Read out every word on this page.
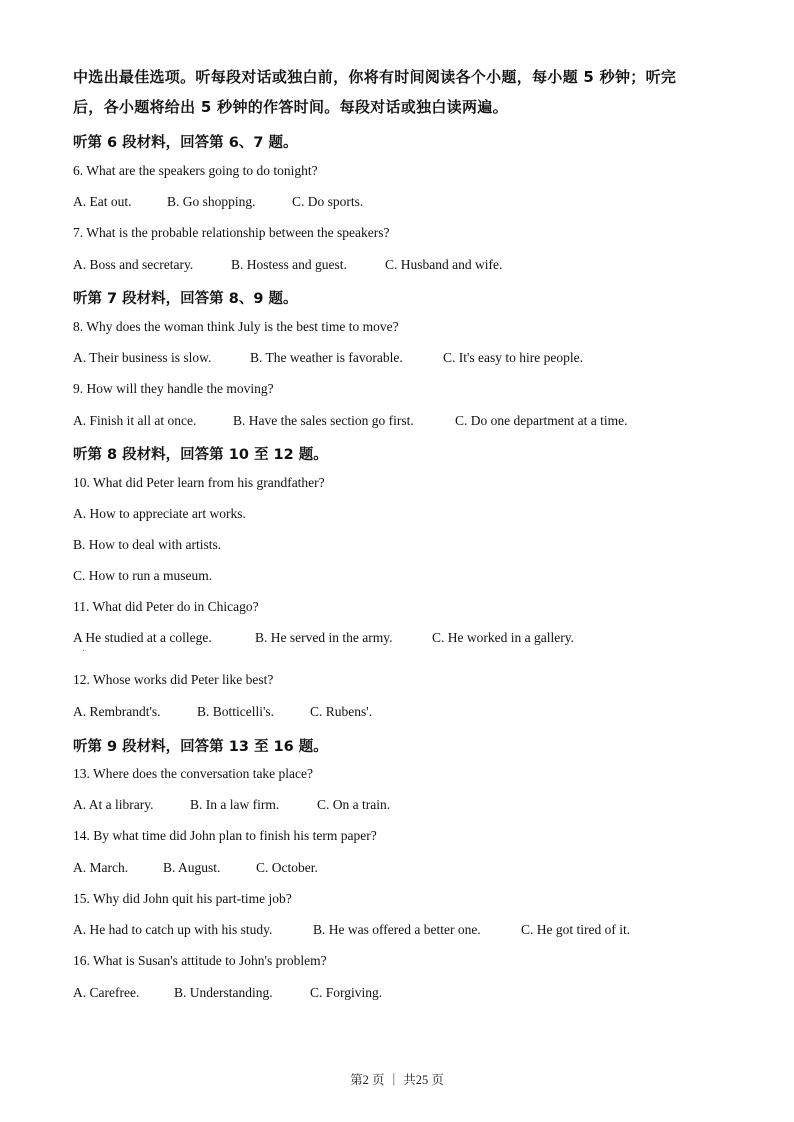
中选出最佳选项。听每段对话或独白前，你将有时间阅读各个小题，每小题 5 秒钟；听完
后，各小题将给出 5 秒钟的作答时间。每段对话或独白读两遍。
听第 6 段材料，回答第 6、7 题。
6. What are the speakers going to do tonight?
A. Eat out.	B. Go shopping.	C. Do sports.
7. What is the probable relationship between the speakers?
A. Boss and secretary.	B. Hostess and guest.	C. Husband and wife.
听第 7 段材料，回答第 8、9 题。
8. Why does the woman think July is the best time to move?
A. Their business is slow.	B. The weather is favorable.	C. It's easy to hire people.
9. How will they handle the moving?
A. Finish it all at once.	B. Have the sales section go first.	C. Do one department at a time.
听第 8 段材料，回答第 10 至 12 题。
10. What did Peter learn from his grandfather?
A. How to appreciate art works.
B. How to deal with artists.
C. How to run a museum.
11. What did Peter do in Chicago?
A He studied at a college.	B. He served in the army.	C. He worked in a gallery.
12. Whose works did Peter like best?
A. Rembrandt's.	B. Botticelli's.	C. Rubens'.
听第 9 段材料，回答第 13 至 16 题。
13. Where does the conversation take place?
A. At a library.	B. In a law firm.	C. On a train.
14. By what time did John plan to finish his term paper?
A. March.	B. August.	C. October.
15. Why did John quit his part-time job?
A. He had to catch up with his study.	B. He was offered a better one.	C. He got tired of it.
16. What is Susan's attitude to John's problem?
A. Carefree.	B. Understanding.	C. Forgiving.
第2 页 ｜ 共25 页
